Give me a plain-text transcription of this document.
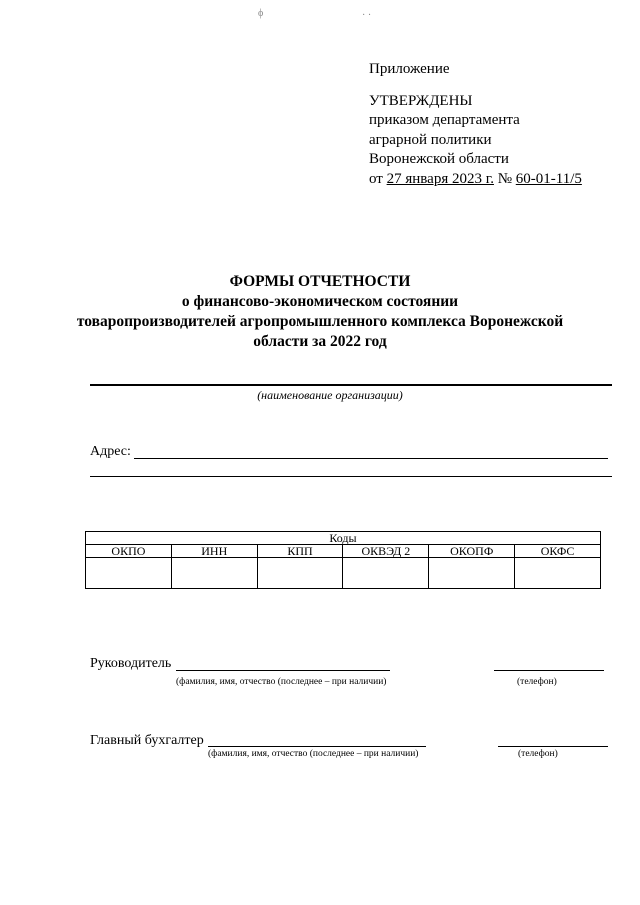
ϕ	· ·
Приложение
УТВЕРЖДЕНЫ
приказом департамента
аграрной политики
Воронежской области
от 27 января 2023 г. № 60-01-11/5
ФОРМЫ ОТЧЕТНОСТИ
о финансово-экономическом состоянии
товаропроизводителей агропромышленного комплекса Воронежской
области за 2022 год
(наименование организации)
Адрес:
Коды					
ОКПО	ИНН	КПП	ОКВЭД 2	ОКОПФ	ОКФС

Руководитель
(фамилия, имя, отчество (последнее – при наличии)	(телефон)
Главный бухгалтер
(фамилия, имя, отчество (последнее – при наличии)	(телефон)
